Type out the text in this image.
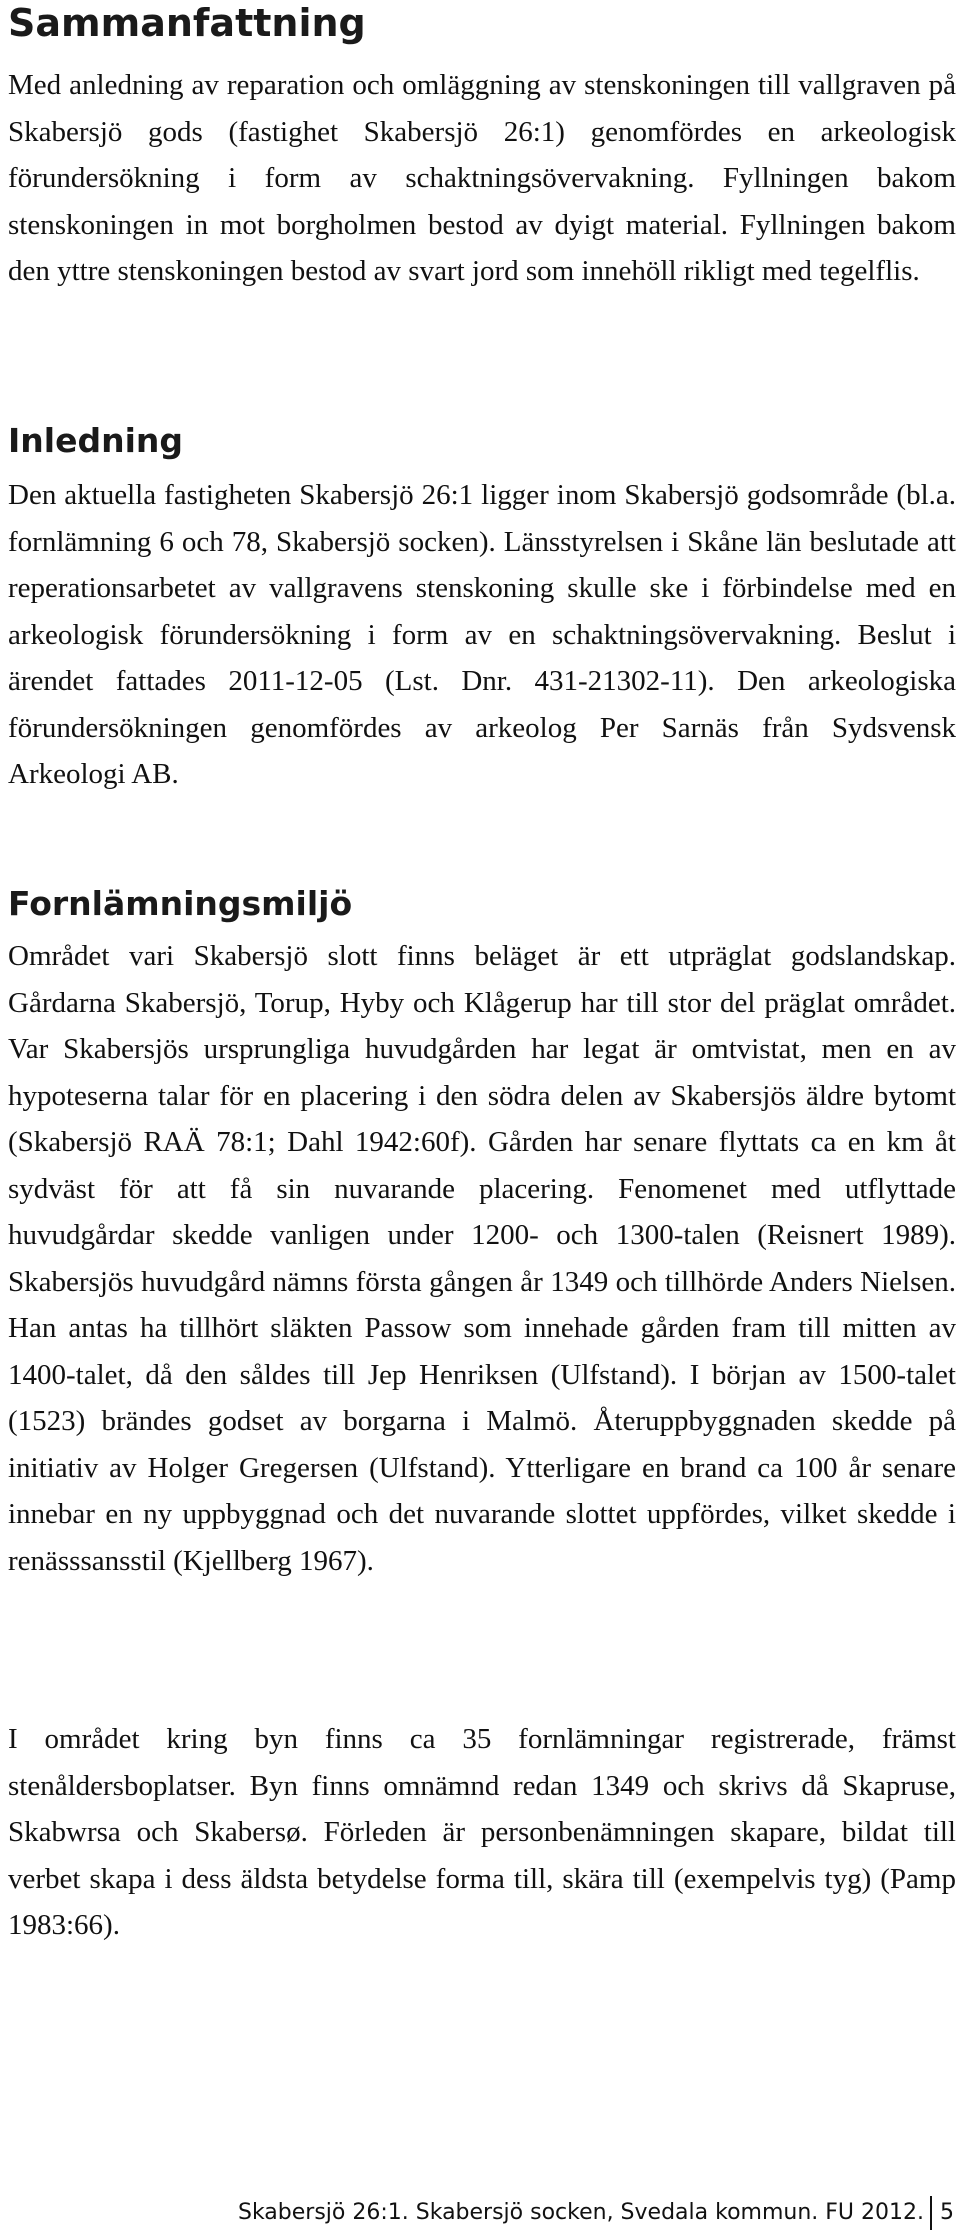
Sammanfattning

Med anledning av reparation och omläggning av stenskoningen till vallgraven på Skabersjö gods (fastighet Skabersjö 26:1) genomfördes en arkeologisk förundersökning i form av schaktningsövervakning. Fyllningen bakom stenskoningen in mot borgholmen bestod av dyigt material. Fyllningen bakom den yttre stenskoningen bestod av svart jord som innehöll rikligt med tegelflis.

Inledning

Den aktuella fastigheten Skabersjö 26:1 ligger inom Skabersjö godsområde (bl.a. fornlämning 6 och 78, Skabersjö socken). Länsstyrelsen i Skåne län beslutade att reperationsarbetet av vallgravens stenskoning skulle ske i förbindelse med en arkeologisk förundersökning i form av en schaktningsövervakning. Beslut i ärendet fattades 2011-12-05 (Lst. Dnr. 431-21302-11). Den arkeologiska förundersökningen genomfördes av arkeolog Per Sarnäs från Sydsvensk Arkeologi AB.

Fornlämningsmiljö

Området vari Skabersjö slott finns beläget är ett utpräglat godslandskap. Gårdarna Skabersjö, Torup, Hyby och Klågerup har till stor del präglat området. Var Skabersjös ursprungliga huvudgården har legat är omtvistat, men en av hypoteserna talar för en placering i den södra delen av Skabersjös äldre bytomt (Skabersjö RAÄ 78:1; Dahl 1942:60f). Gården har senare flyttats ca en km åt sydväst för att få sin nuvarande placering. Fenomenet med utflyttade huvudgårdar skedde vanligen under 1200- och 1300-talen (Reisnert 1989). Skabersjös huvudgård nämns första gången år 1349 och tillhörde Anders Nielsen. Han antas ha tillhört släkten Passow som innehade gården fram till mitten av 1400-talet, då den såldes till Jep Henriksen (Ulfstand). I början av 1500-talet (1523) brändes godset av borgarna i Malmö. Återuppbyggnaden skedde på initiativ av Holger Gregersen (Ulfstand). Ytterligare en brand ca 100 år senare innebar en ny uppbyggnad och det nuvarande slottet uppfördes, vilket skedde i renässsansstil (Kjellberg 1967).

I området kring byn finns ca 35 fornlämningar registrerade, främst stenåldersboplatser. Byn finns omnämnd redan 1349 och skrivs då Skapruse, Skabwrsa och Skabersø. Förleden är personbenämningen skapare, bildat till verbet skapa i dess äldsta betydelse forma till, skära till (exempelvis tyg) (Pamp 1983:66).

Skabersjö 26:1. Skabersjö socken, Svedala kommun. FU 2012. 5
